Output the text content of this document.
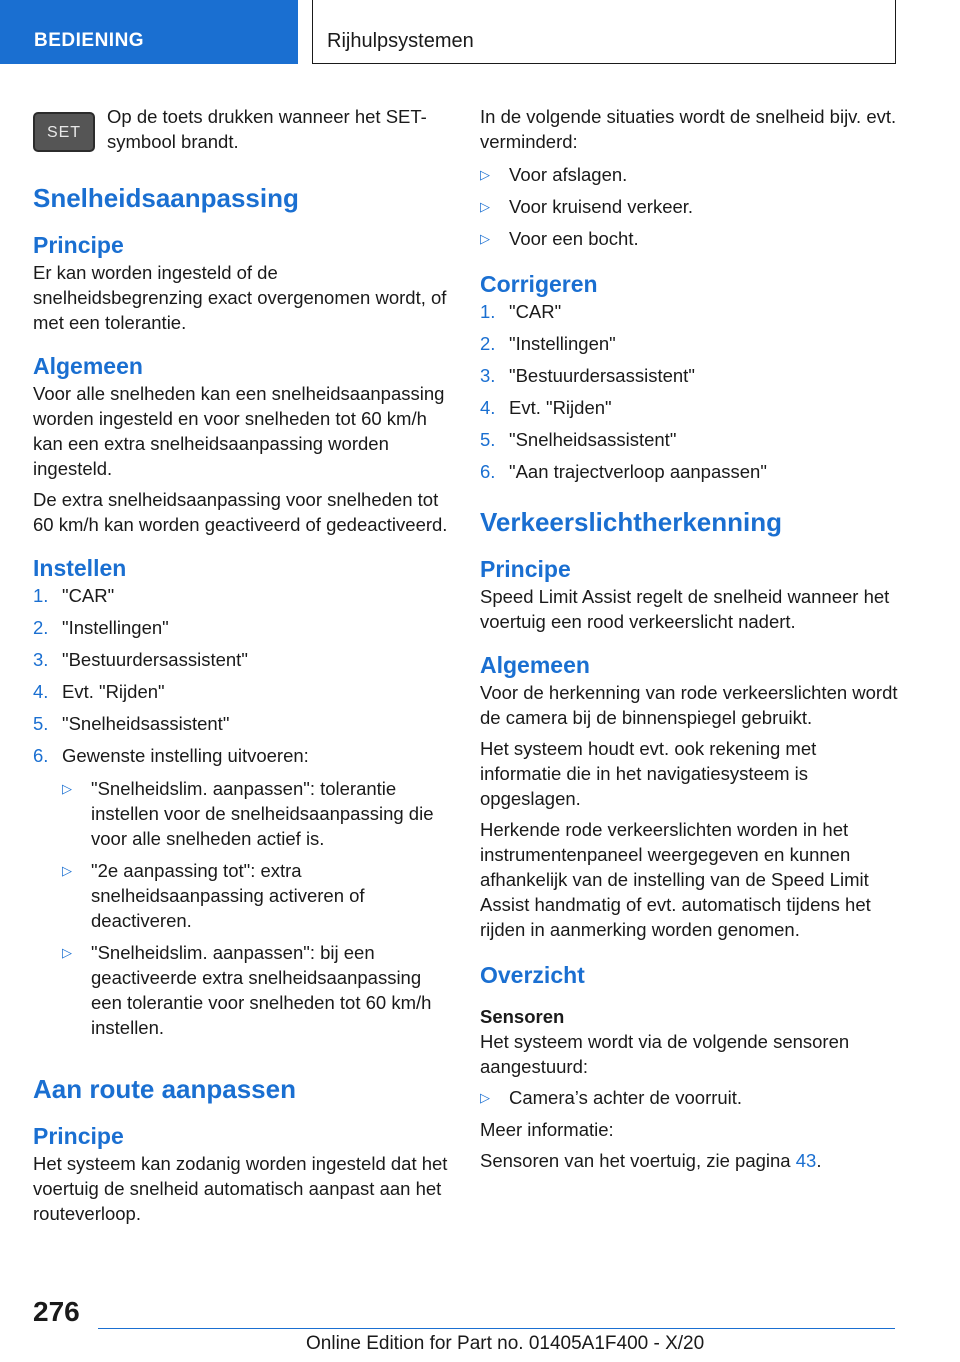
BEDIENING	Rijhulpsystemen
SET
Op de toets drukken wanneer het SET-symbool brandt.
Snelheidsaanpassing
Principe

Er kan worden ingesteld of de snelheidsbegrenzing exact overgenomen wordt, of met een tolerantie.

Algemeen

Voor alle snelheden kan een snelheidsaanpassing worden ingesteld en voor snelheden tot 60 km/h kan een extra snelheidsaanpassing worden ingesteld.

De extra snelheidsaanpassing voor snelheden tot 60 km/h kan worden geactiveerd of gedeactiveerd.

Instellen
1. "CAR"
2. "Instellingen"
3. "Bestuurdersassistent"
4. Evt. "Rijden"
5. "Snelheidsassistent"
6. Gewenste instelling uitvoeren:
▷	"Snelheidslim. aanpassen": tolerantie instellen voor de snelheidsaanpassing die voor alle snelheden actief is.
▷	"2e aanpassing tot": extra snelheidsaanpassing activeren of deactiveren.
▷	"Snelheidslim. aanpassen": bij een geactiveerde extra snelheidsaanpassing een tolerantie voor snelheden tot 60 km/h instellen.
Aan route aanpassen
Principe

Het systeem kan zodanig worden ingesteld dat het voertuig de snelheid automatisch aanpast aan het routeverloop.

In de volgende situaties wordt de snelheid bijv. evt. verminderd:

▷	Voor afslagen.
▷	Voor kruisend verkeer.
▷	Voor een bocht.
Corrigeren
1. "CAR"
2. "Instellingen"
3. "Bestuurdersassistent"
4. Evt. "Rijden"
5. "Snelheidsassistent"
6. "Aan trajectverloop aanpassen"
Verkeerslichtherkenning
Principe

Speed Limit Assist regelt de snelheid wanneer het voertuig een rood verkeerslicht nadert.

Algemeen

Voor de herkenning van rode verkeerslichten wordt de camera bij de binnenspiegel gebruikt.

Het systeem houdt evt. ook rekening met informatie die in het navigatiesysteem is opgeslagen.

Herkende rode verkeerslichten worden in het instrumentenpaneel weergegeven en kunnen afhankelijk van de instelling van de Speed Limit Assist handmatig of evt. automatisch tijdens het rijden in aanmerking worden genomen.

Overzicht
Sensoren

Het systeem wordt via de volgende sensoren aangestuurd:

▷	Camera’s achter de voorruit.

Meer informatie:

Sensoren van het voertuig, zie pagina 43.

276
Online Edition for Part no. 01405A1F400 - X/20
